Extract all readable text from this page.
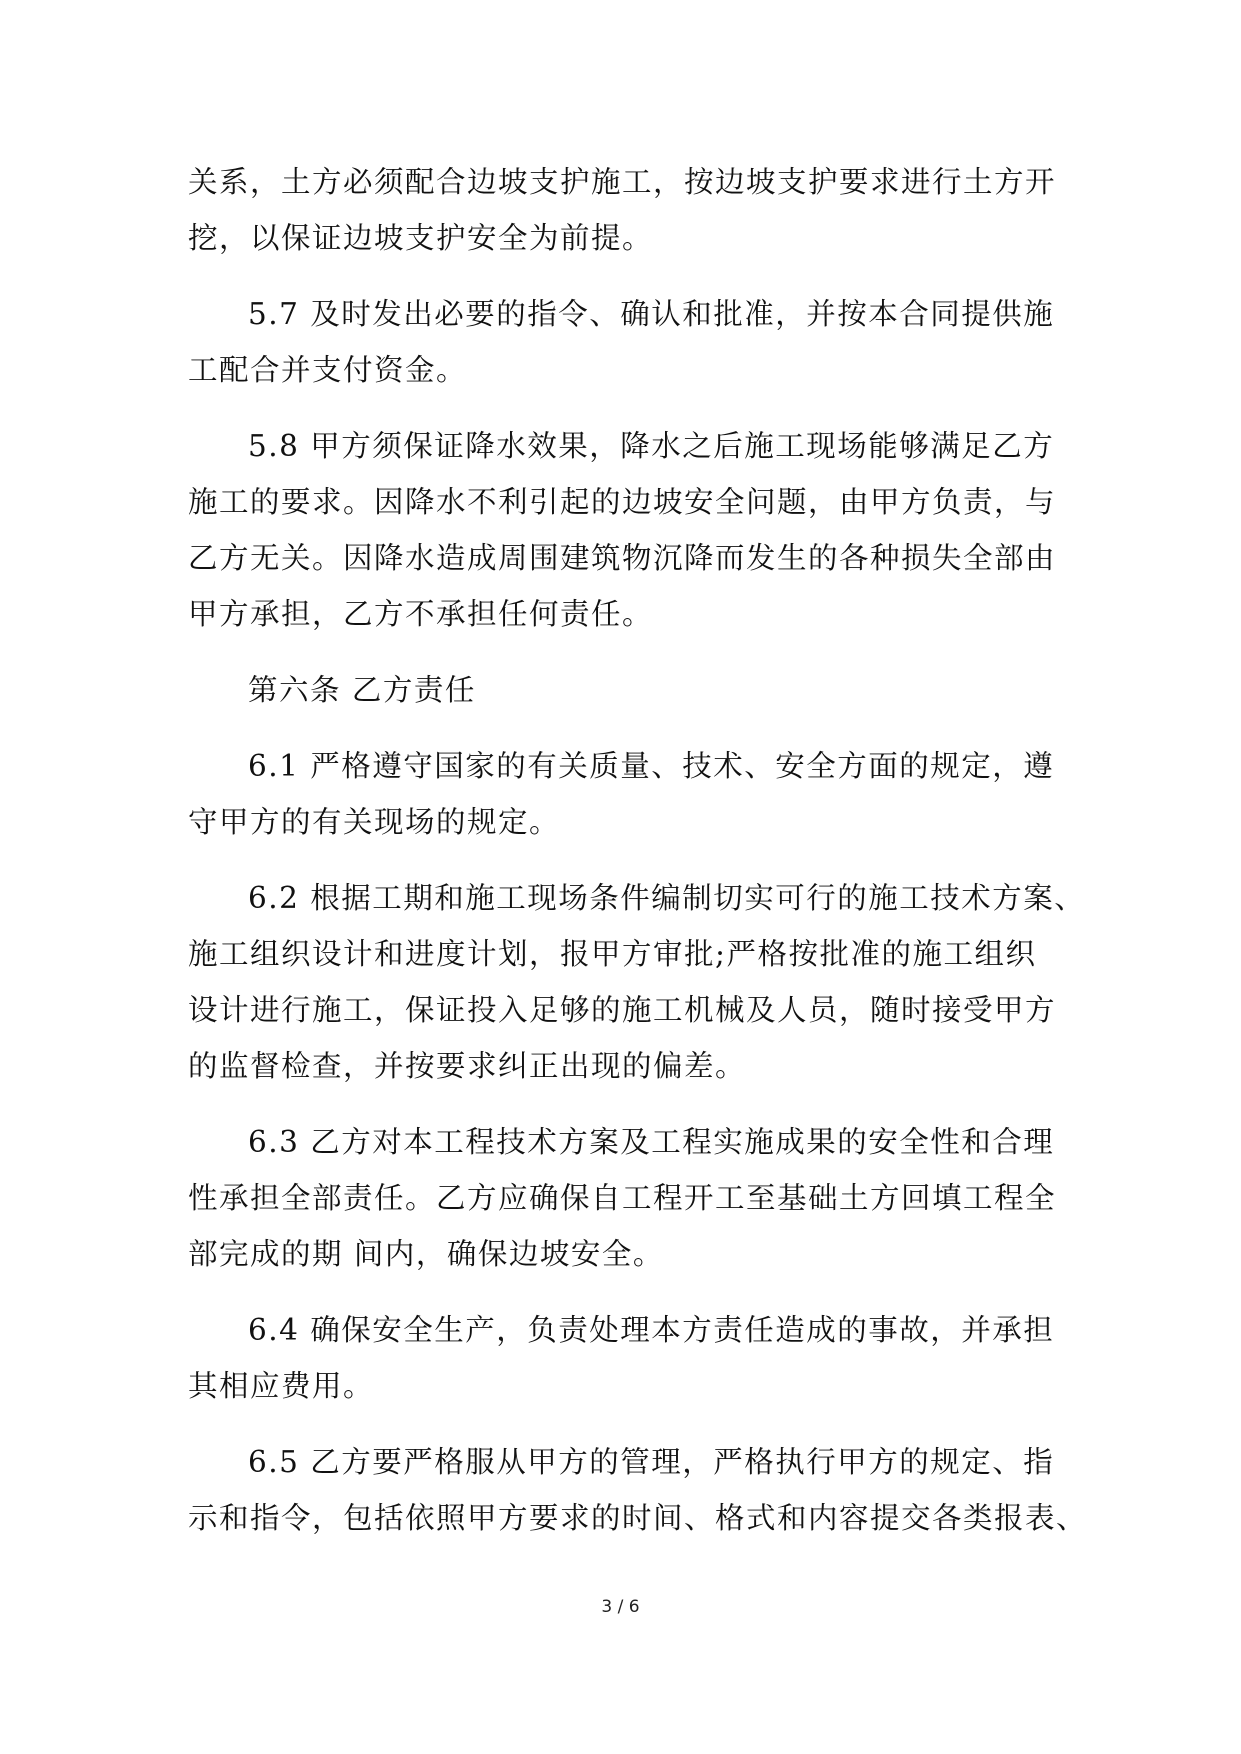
关系，土方必须配合边坡支护施工，按边坡支护要求进行土方开

挖，以保证边坡支护安全为前提。

5.7 及时发出必要的指令、确认和批准，并按本合同提供施

工配合并支付资金。

5.8 甲方须保证降水效果，降水之后施工现场能够满足乙方

施工的要求。因降水不利引起的边坡安全问题，由甲方负责，与

乙方无关。因降水造成周围建筑物沉降而发生的各种损失全部由

甲方承担，乙方不承担任何责任。

第六条 乙方责任

6.1 严格遵守国家的有关质量、技术、安全方面的规定，遵

守甲方的有关现场的规定。

6.2 根据工期和施工现场条件编制切实可行的施工技术方案、

施工组织设计和进度计划，报甲方审批;严格按批准的施工组织

设计进行施工，保证投入足够的施工机械及人员，随时接受甲方

的监督检查，并按要求纠正出现的偏差。

6.3 乙方对本工程技术方案及工程实施成果的安全性和合理

性承担全部责任。乙方应确保自工程开工至基础土方回填工程全

部完成的期 间内，确保边坡安全。

6.4 确保安全生产，负责处理本方责任造成的事故，并承担

其相应费用。

6.5 乙方要严格服从甲方的管理，严格执行甲方的规定、指

示和指令，包括依照甲方要求的时间、格式和内容提交各类报表、

3 / 6
